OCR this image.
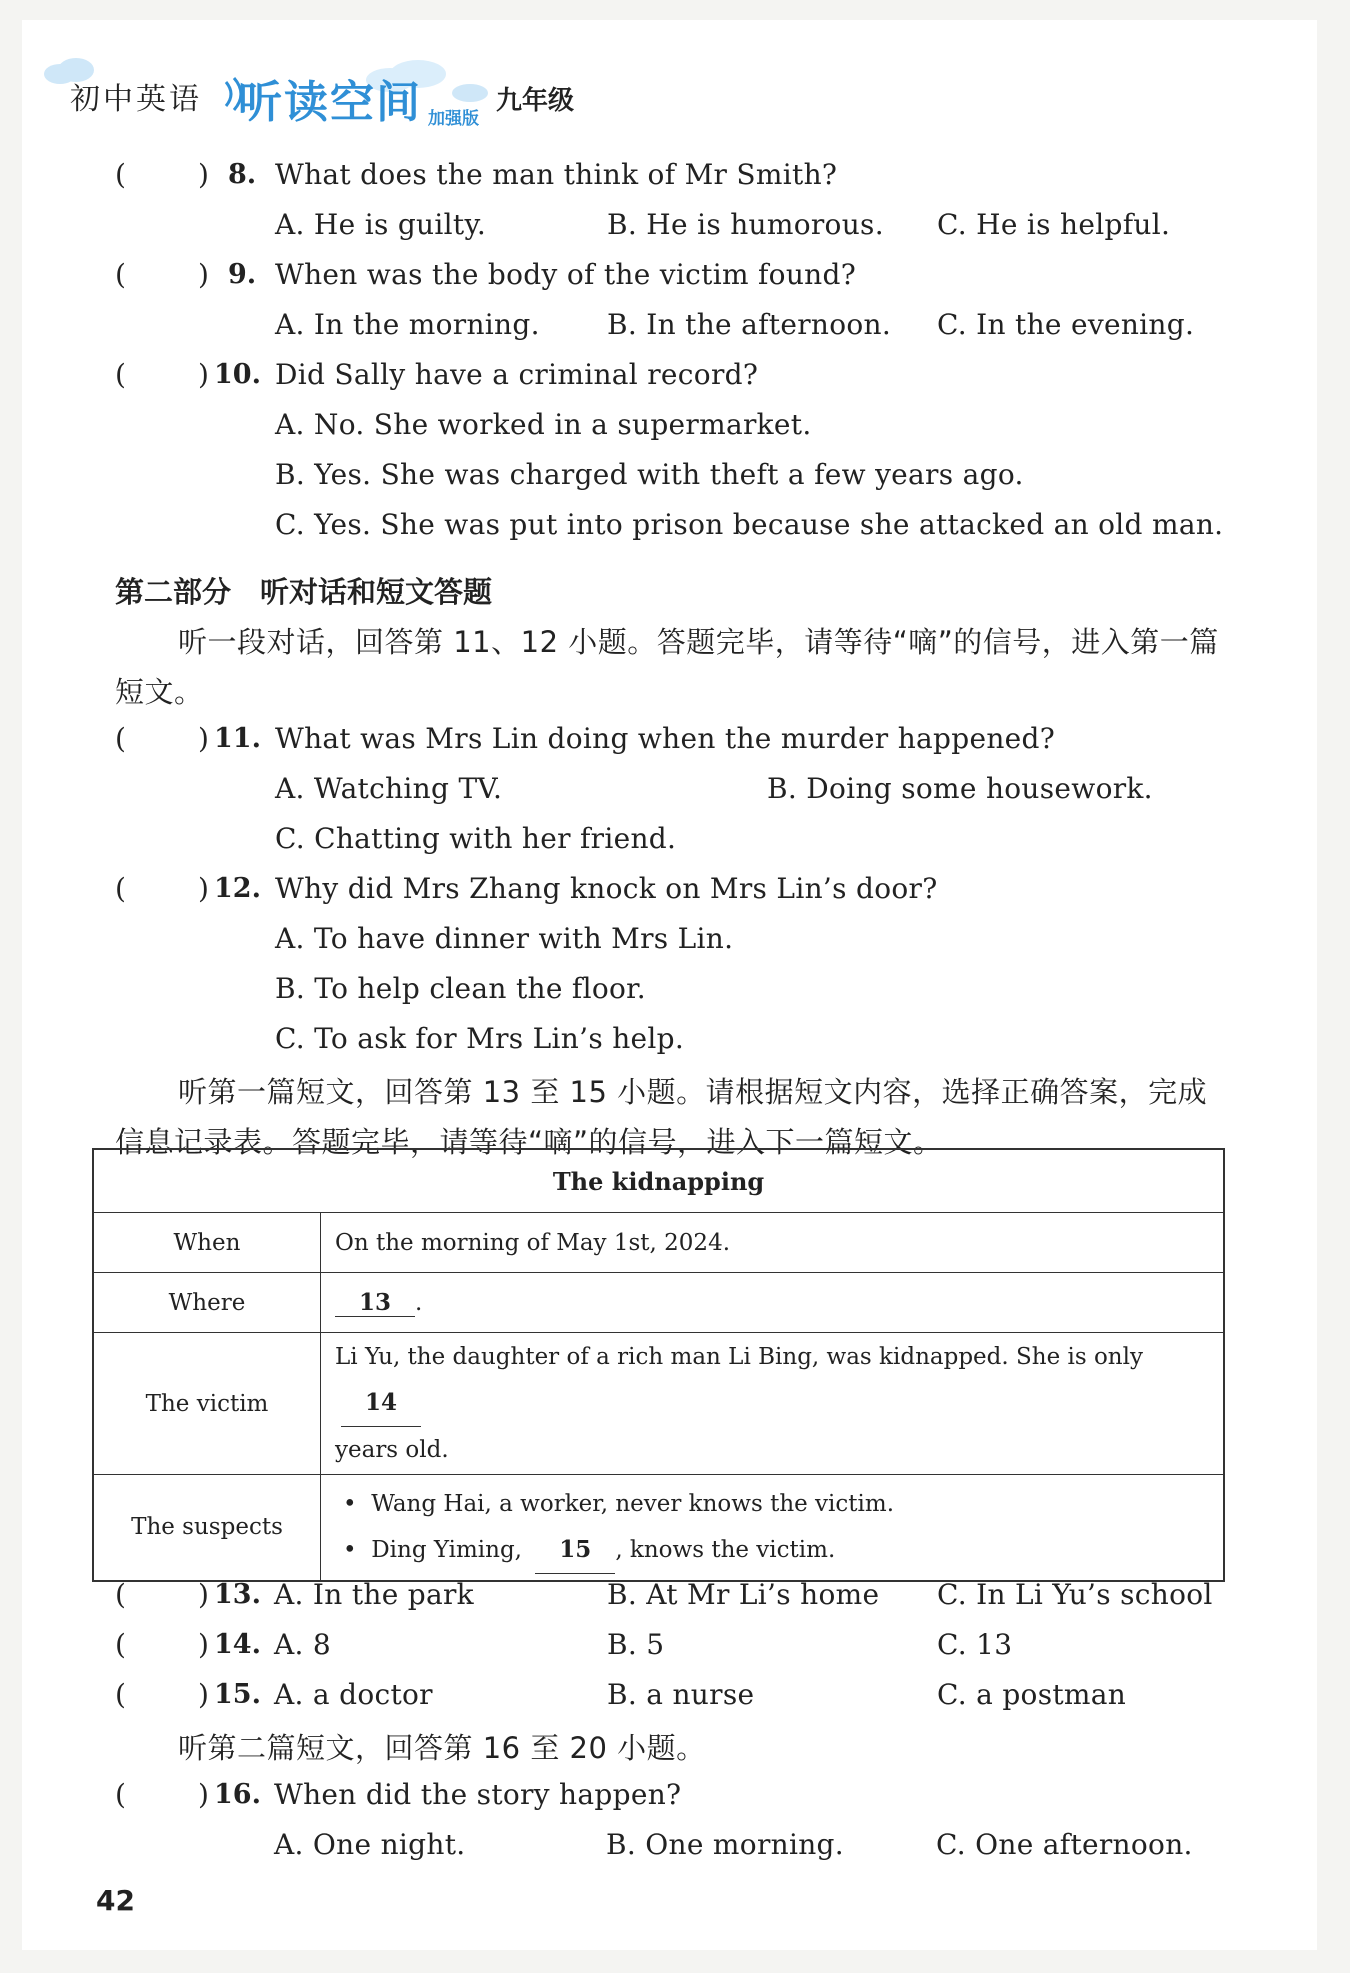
初中英语 听读空间 加强版
九年级
(	) 8. What does the man think of Mr Smith?
A. He is guilty.	B. He is humorous. C. He is helpful.
(	) 9. When was the body of the victim found?
A. In the morning. B. In the afternoon. C. In the evening.
(	) 10. Did Sally have a criminal record?
A. No. She worked in a supermarket.
B. Yes. She was charged with theft a few years ago.
C. Yes. She was put into prison because she attacked an old man.
第二部分　听对话和短文答题
听一段对话，回答第 11、12 小题。答题完毕，请等待“嘀”的信号，进入第一篇
短文。
(	) 11. What was Mrs Lin doing when the murder happened?
A. Watching TV.	B. Doing some housework.
C. Chatting with her friend.
(	) 12. Why did Mrs Zhang knock on Mrs Lin’s door?
A. To have dinner with Mrs Lin.
B. To help clean the floor.
C. To ask for Mrs Lin’s help.
听第一篇短文，回答第 13 至 15 小题。请根据短文内容，选择正确答案，完成
信息记录表。答题完毕，请等待“嘀”的信号，进入下一篇短文。
The kidnapping	
When	On the morning of May 1st, 2024.
Where	13 .
The victim	Li Yu, the daughter of a rich man Li Bing, was kidnapped. She is only 14
years old.
The suspects	•  Wang Hai, a worker, never knows the victim.
•  Ding Yiming, 15 , knows the victim.
(	) 13. A. In the park	B. At Mr Li’s home C. In Li Yu’s school
(	) 14. A. 8	B. 5	C. 13
(	) 15. A. a doctor	B. a nurse	C. a postman
听第二篇短文，回答第 16 至 20 小题。
(	) 16. When did the story happen?
A. One night.	B. One morning.	C. One afternoon.
42
